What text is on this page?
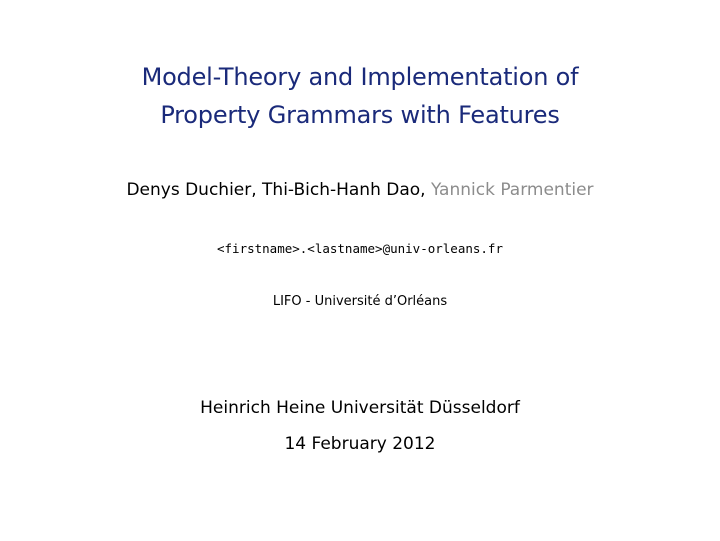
Model-Theory and Implementation of
Property Grammars with Features
Denys Duchier, Thi-Bich-Hanh Dao, Yannick Parmentier
<firstname>.<lastname>@univ-orleans.fr
LIFO - Université d’Orléans
Heinrich Heine Universität Düsseldorf
14 February 2012
